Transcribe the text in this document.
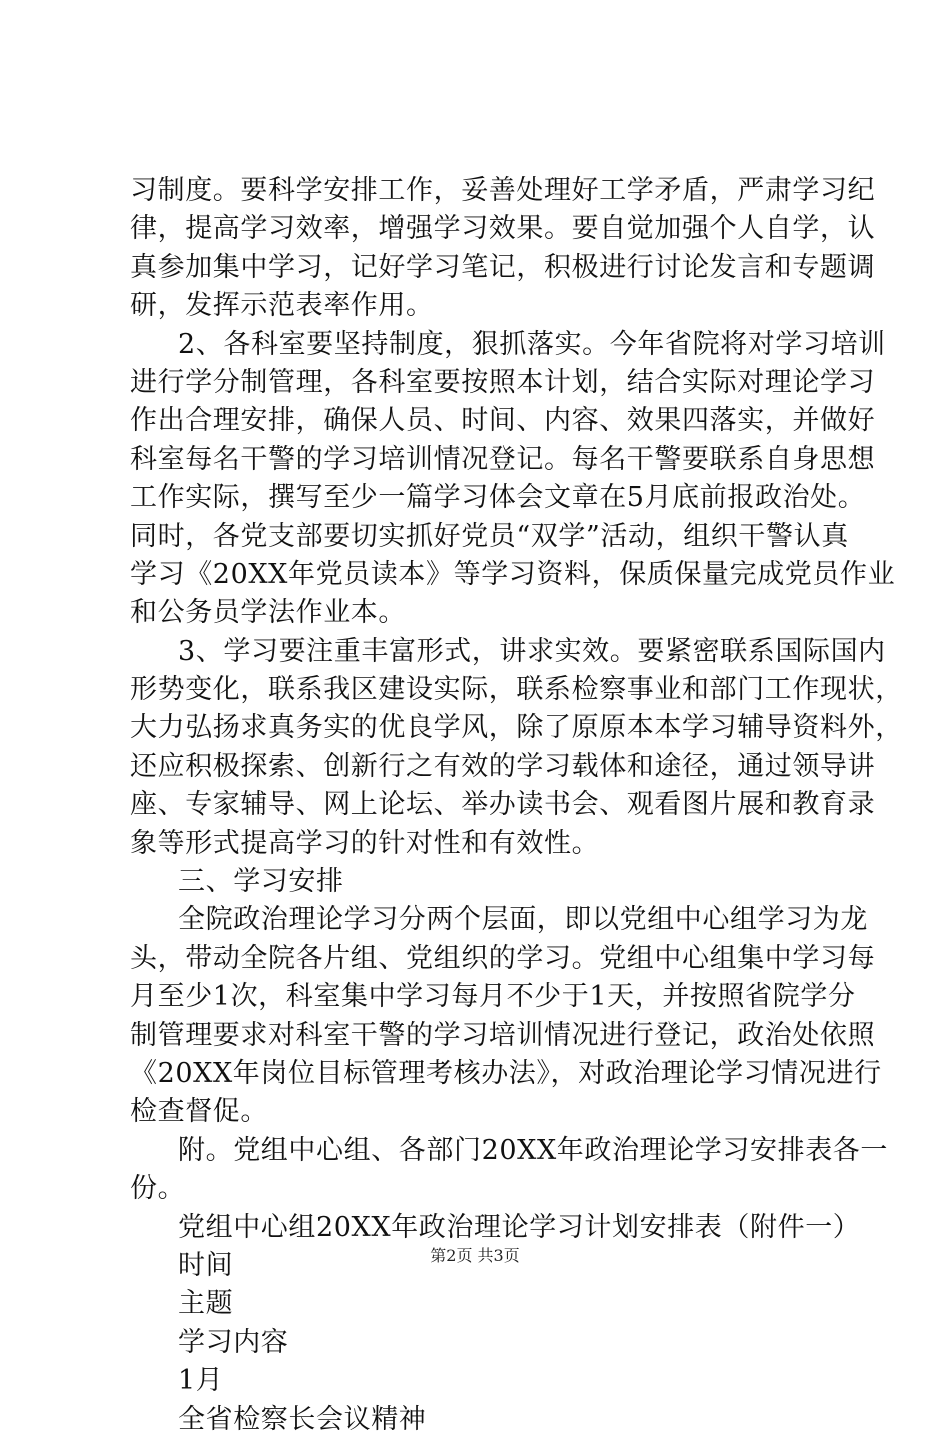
习制度。要科学安排工作，妥善处理好工学矛盾，严肃学习纪
律，提高学习效率，增强学习效果。要自觉加强个人自学，认
真参加集中学习，记好学习笔记，积极进行讨论发言和专题调
研，发挥示范表率作用。
2、各科室要坚持制度，狠抓落实。今年省院将对学习培训
进行学分制管理，各科室要按照本计划，结合实际对理论学习
作出合理安排，确保人员、时间、内容、效果四落实，并做好
科室每名干警的学习培训情况登记。每名干警要联系自身思想
工作实际，撰写至少一篇学习体会文章在5月底前报政治处。
同时，各党支部要切实抓好党员“双学”活动，组织干警认真
学习《20XX年党员读本》等学习资料，保质保量完成党员作业
和公务员学法作业本。
3、学习要注重丰富形式，讲求实效。要紧密联系国际国内
形势变化，联系我区建设实际，联系检察事业和部门工作现状，
大力弘扬求真务实的优良学风，除了原原本本学习辅导资料外，
还应积极探索、创新行之有效的学习载体和途径，通过领导讲
座、专家辅导、网上论坛、举办读书会、观看图片展和教育录
象等形式提高学习的针对性和有效性。
三、学习安排
全院政治理论学习分两个层面，即以党组中心组学习为龙
头，带动全院各片组、党组织的学习。党组中心组集中学习每
月至少1次，科室集中学习每月不少于1天，并按照省院学分
制管理要求对科室干警的学习培训情况进行登记，政治处依照
《20XX年岗位目标管理考核办法》，对政治理论学习情况进行
检查督促。
附。党组中心组、各部门20XX年政治理论学习安排表各一
份。
党组中心组20XX年政治理论学习计划安排表（附件一）
时间
主题
学习内容
1月
全省检察长会议精神
第2页 共3页
